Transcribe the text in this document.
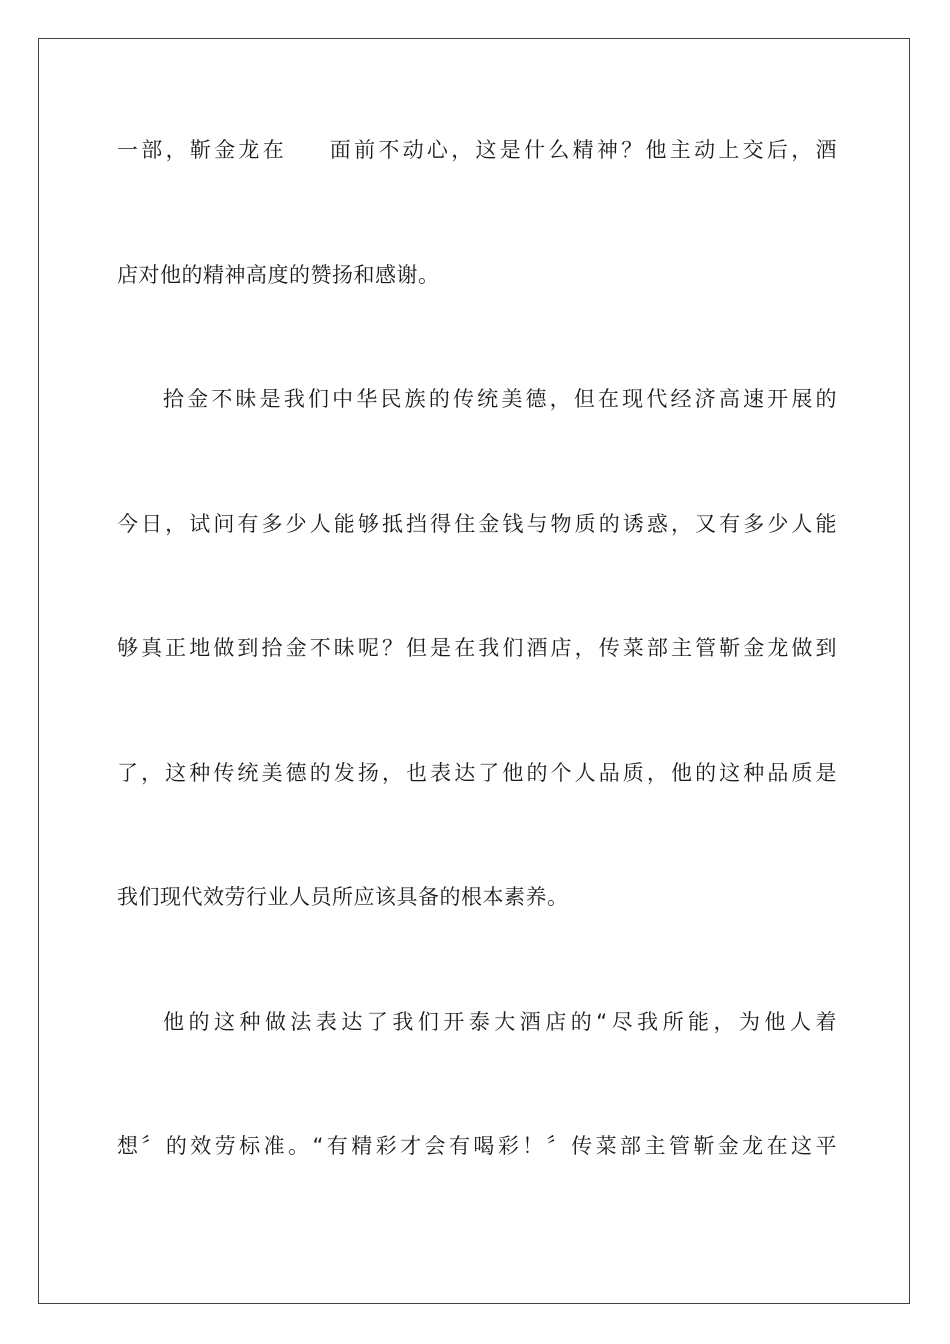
一部，靳金龙在 面前不动心，这是什么精神？他主动上交后，酒
店对他的精神高度的赞扬和感谢。
拾金不昧是我们中华民族的传统美德，但在现代经济高速开展的
今日，试问有多少人能够抵挡得住金钱与物质的诱惑，又有多少人能
够真正地做到拾金不昧呢？但是在我们酒店，传菜部主管靳金龙做到
了，这种传统美德的发扬，也表达了他的个人品质，他的这种品质是
我们现代效劳行业人员所应该具备的根本素养。
他的这种做法表达了我们开泰大酒店的“尽我所能，为他人着
想〞的效劳标准。“有精彩才会有喝彩！〞传菜部主管靳金龙在这平
